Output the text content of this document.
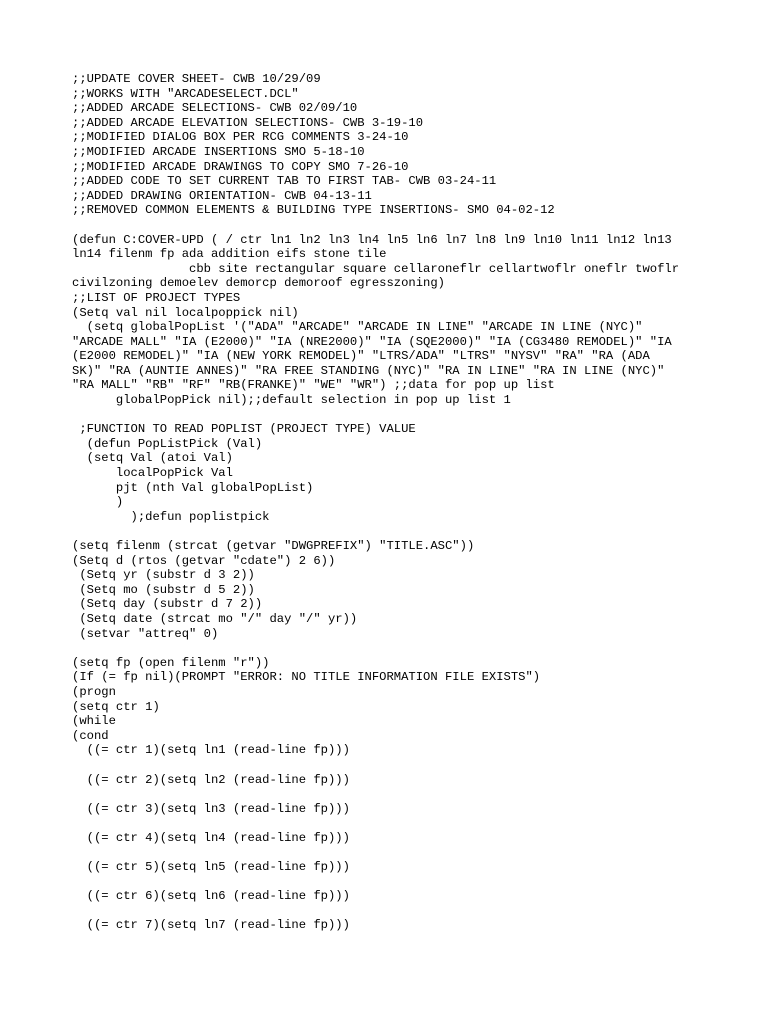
;;UPDATE COVER SHEET- CWB 10/29/09
;;WORKS WITH "ARCADESELECT.DCL"
;;ADDED ARCADE SELECTIONS- CWB 02/09/10
;;ADDED ARCADE ELEVATION SELECTIONS- CWB 3-19-10
;;MODIFIED DIALOG BOX PER RCG COMMENTS 3-24-10
;;MODIFIED ARCADE INSERTIONS SMO 5-18-10
;;MODIFIED ARCADE DRAWINGS TO COPY SMO 7-26-10
;;ADDED CODE TO SET CURRENT TAB TO FIRST TAB- CWB 03-24-11
;;ADDED DRAWING ORIENTATION- CWB 04-13-11
;;REMOVED COMMON ELEMENTS & BUILDING TYPE INSERTIONS- SMO 04-02-12
(defun C:COVER-UPD ( / ctr ln1 ln2 ln3 ln4 ln5 ln6 ln7 ln8 ln9 ln10 ln11 ln12 ln13
ln14 filenm fp ada addition eifs stone tile
cbb site rectangular square cellaroneflr cellartwoflr oneflr twoflr
civilzoning demoelev demorcp demoroof egresszoning)
;;LIST OF PROJECT TYPES
(Setq val nil localpoppick nil)
(setq globalPopList '("ADA" "ARCADE" "ARCADE IN LINE" "ARCADE IN LINE (NYC)"
"ARCADE MALL" "IA (E2000)" "IA (NRE2000)" "IA (SQE2000)" "IA (CG3480 REMODEL)" "IA
(E2000 REMODEL)" "IA (NEW YORK REMODEL)" "LTRS/ADA" "LTRS" "NYSV" "RA" "RA (ADA
SK)" "RA (AUNTIE ANNES)" "RA FREE STANDING (NYC)" "RA IN LINE" "RA IN LINE (NYC)"
"RA MALL" "RB" "RF" "RB(FRANKE)" "WE" "WR") ;;data for pop up list
globalPopPick nil);;default selection in pop up list 1
;FUNCTION TO READ POPLIST (PROJECT TYPE) VALUE
(defun PopListPick (Val)
(setq Val (atoi Val)
localPopPick Val
pjt (nth Val globalPopList)
)
);defun poplistpick
(setq filenm (strcat (getvar "DWGPREFIX") "TITLE.ASC"))
(Setq d (rtos (getvar "cdate") 2 6))
(Setq yr (substr d 3 2))
(Setq mo (substr d 5 2))
(Setq day (substr d 7 2))
(Setq date (strcat mo "/" day "/" yr))
(setvar "attreq" 0)
(setq fp (open filenm "r"))
(If (= fp nil)(PROMPT "ERROR: NO TITLE INFORMATION FILE EXISTS")
(progn
(setq ctr 1)
(while
(cond
((= ctr 1)(setq ln1 (read-line fp)))
((= ctr 2)(setq ln2 (read-line fp)))
((= ctr 3)(setq ln3 (read-line fp)))
((= ctr 4)(setq ln4 (read-line fp)))
((= ctr 5)(setq ln5 (read-line fp)))
((= ctr 6)(setq ln6 (read-line fp)))
((= ctr 7)(setq ln7 (read-line fp)))
